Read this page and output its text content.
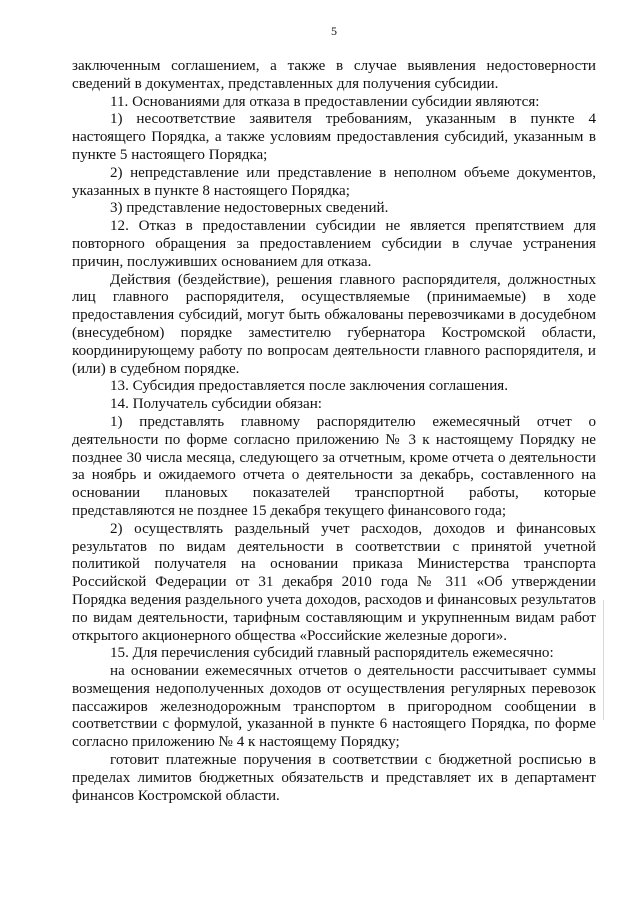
5

заключенным соглашением, а также в случае выявления недостоверности сведений в документах, представленных для получения субсидии.

11. Основаниями для отказа в предоставлении субсидии являются:

1) несоответствие заявителя требованиям, указанным в пункте 4 настоящего Порядка, а также условиям предоставления субсидий, указанным в пункте 5 настоящего Порядка;

2) непредставление или представление в неполном объеме документов, указанных в пункте 8 настоящего Порядка;

3) представление недостоверных сведений.

12. Отказ в предоставлении субсидии не является препятствием для повторного обращения за предоставлением субсидии в случае устранения причин, послуживших основанием для отказа.

Действия (бездействие), решения главного распорядителя, должностных лиц главного распорядителя, осуществляемые (принимаемые) в ходе предоставления субсидий, могут быть обжалованы перевозчиками в досудебном (внесудебном) порядке заместителю губернатора Костромской области, координирующему работу по вопросам деятельности главного распорядителя, и (или) в судебном порядке.

13. Субсидия предоставляется после заключения соглашения.

14. Получатель субсидии обязан:

1) представлять главному распорядителю ежемесячный отчет о деятельности по форме согласно приложению № 3 к настоящему Порядку не позднее 30 числа месяца, следующего за отчетным, кроме отчета о деятельности за ноябрь и ожидаемого отчета о деятельности за декабрь, составленного на основании плановых показателей транспортной работы, которые представляются не позднее 15 декабря текущего финансового года;

2) осуществлять раздельный учет расходов, доходов и финансовых результатов по видам деятельности в соответствии с принятой учетной политикой получателя на основании приказа Министерства транспорта Российской Федерации от 31 декабря 2010 года № 311 «Об утверждении Порядка ведения раздельного учета доходов, расходов и финансовых результатов по видам деятельности, тарифным составляющим и укрупненным видам работ открытого акционерного общества «Российские железные дороги».

15. Для перечисления субсидий главный распорядитель ежемесячно:

на основании ежемесячных отчетов о деятельности рассчитывает суммы возмещения недополученных доходов от осуществления регулярных перевозок пассажиров железнодорожным транспортом в пригородном сообщении в соответствии с формулой, указанной в пункте 6 настоящего Порядка, по форме согласно приложению № 4 к настоящему Порядку;

готовит платежные поручения в соответствии с бюджетной росписью в пределах лимитов бюджетных обязательств и представляет их в департамент финансов Костромской области.
